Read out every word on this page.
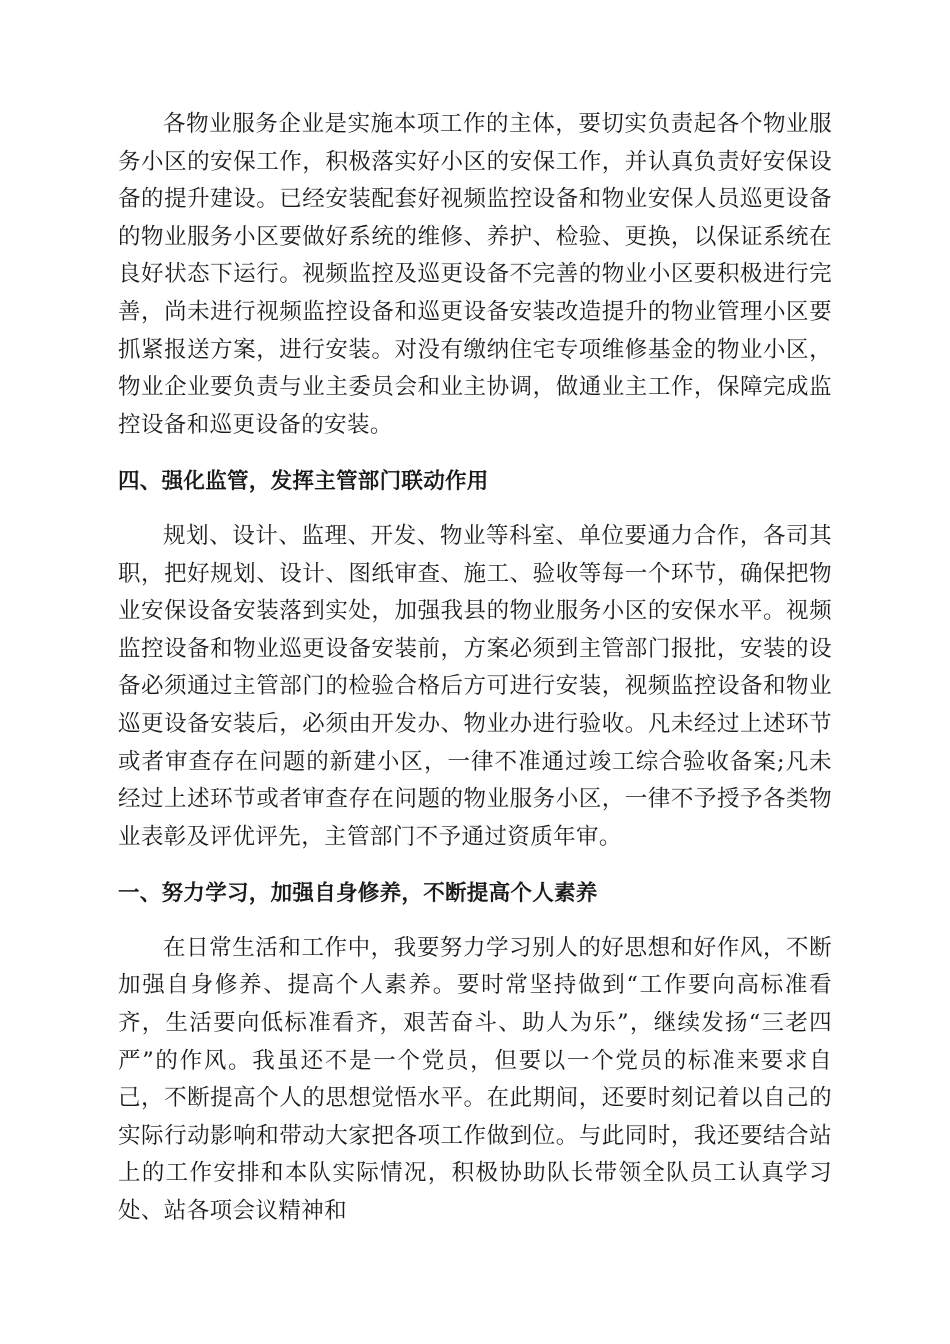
各物业服务企业是实施本项工作的主体，要切实负责起各个物业服务小区的安保工作，积极落实好小区的安保工作，并认真负责好安保设备的提升建设。已经安装配套好视频监控设备和物业安保人员巡更设备的物业服务小区要做好系统的维修、养护、检验、更换，以保证系统在良好状态下运行。视频监控及巡更设备不完善的物业小区要积极进行完善，尚未进行视频监控设备和巡更设备安装改造提升的物业管理小区要抓紧报送方案，进行安装。对没有缴纳住宅专项维修基金的物业小区，物业企业要负责与业主委员会和业主协调，做通业主工作，保障完成监控设备和巡更设备的安装。

四、强化监管，发挥主管部门联动作用

规划、设计、监理、开发、物业等科室、单位要通力合作，各司其职，把好规划、设计、图纸审查、施工、验收等每一个环节，确保把物业安保设备安装落到实处，加强我县的物业服务小区的安保水平。视频监控设备和物业巡更设备安装前，方案必须到主管部门报批，安装的设备必须通过主管部门的检验合格后方可进行安装，视频监控设备和物业巡更设备安装后，必须由开发办、物业办进行验收。凡未经过上述环节或者审查存在问题的新建小区，一律不准通过竣工综合验收备案;凡未经过上述环节或者审查存在问题的物业服务小区，一律不予授予各类物业表彰及评优评先，主管部门不予通过资质年审。

一、努力学习，加强自身修养，不断提高个人素养

在日常生活和工作中，我要努力学习别人的好思想和好作风，不断加强自身修养、提高个人素养。要时常坚持做到“工作要向高标准看齐，生活要向低标准看齐，艰苦奋斗、助人为乐”，继续发扬“三老四严”的作风。我虽还不是一个党员，但要以一个党员的标准来要求自己，不断提高个人的思想觉悟水平。在此期间，还要时刻记着以自己的实际行动影响和带动大家把各项工作做到位。与此同时，我还要结合站上的工作安排和本队实际情况，积极协助队长带领全队员工认真学习处、站各项会议精神和
